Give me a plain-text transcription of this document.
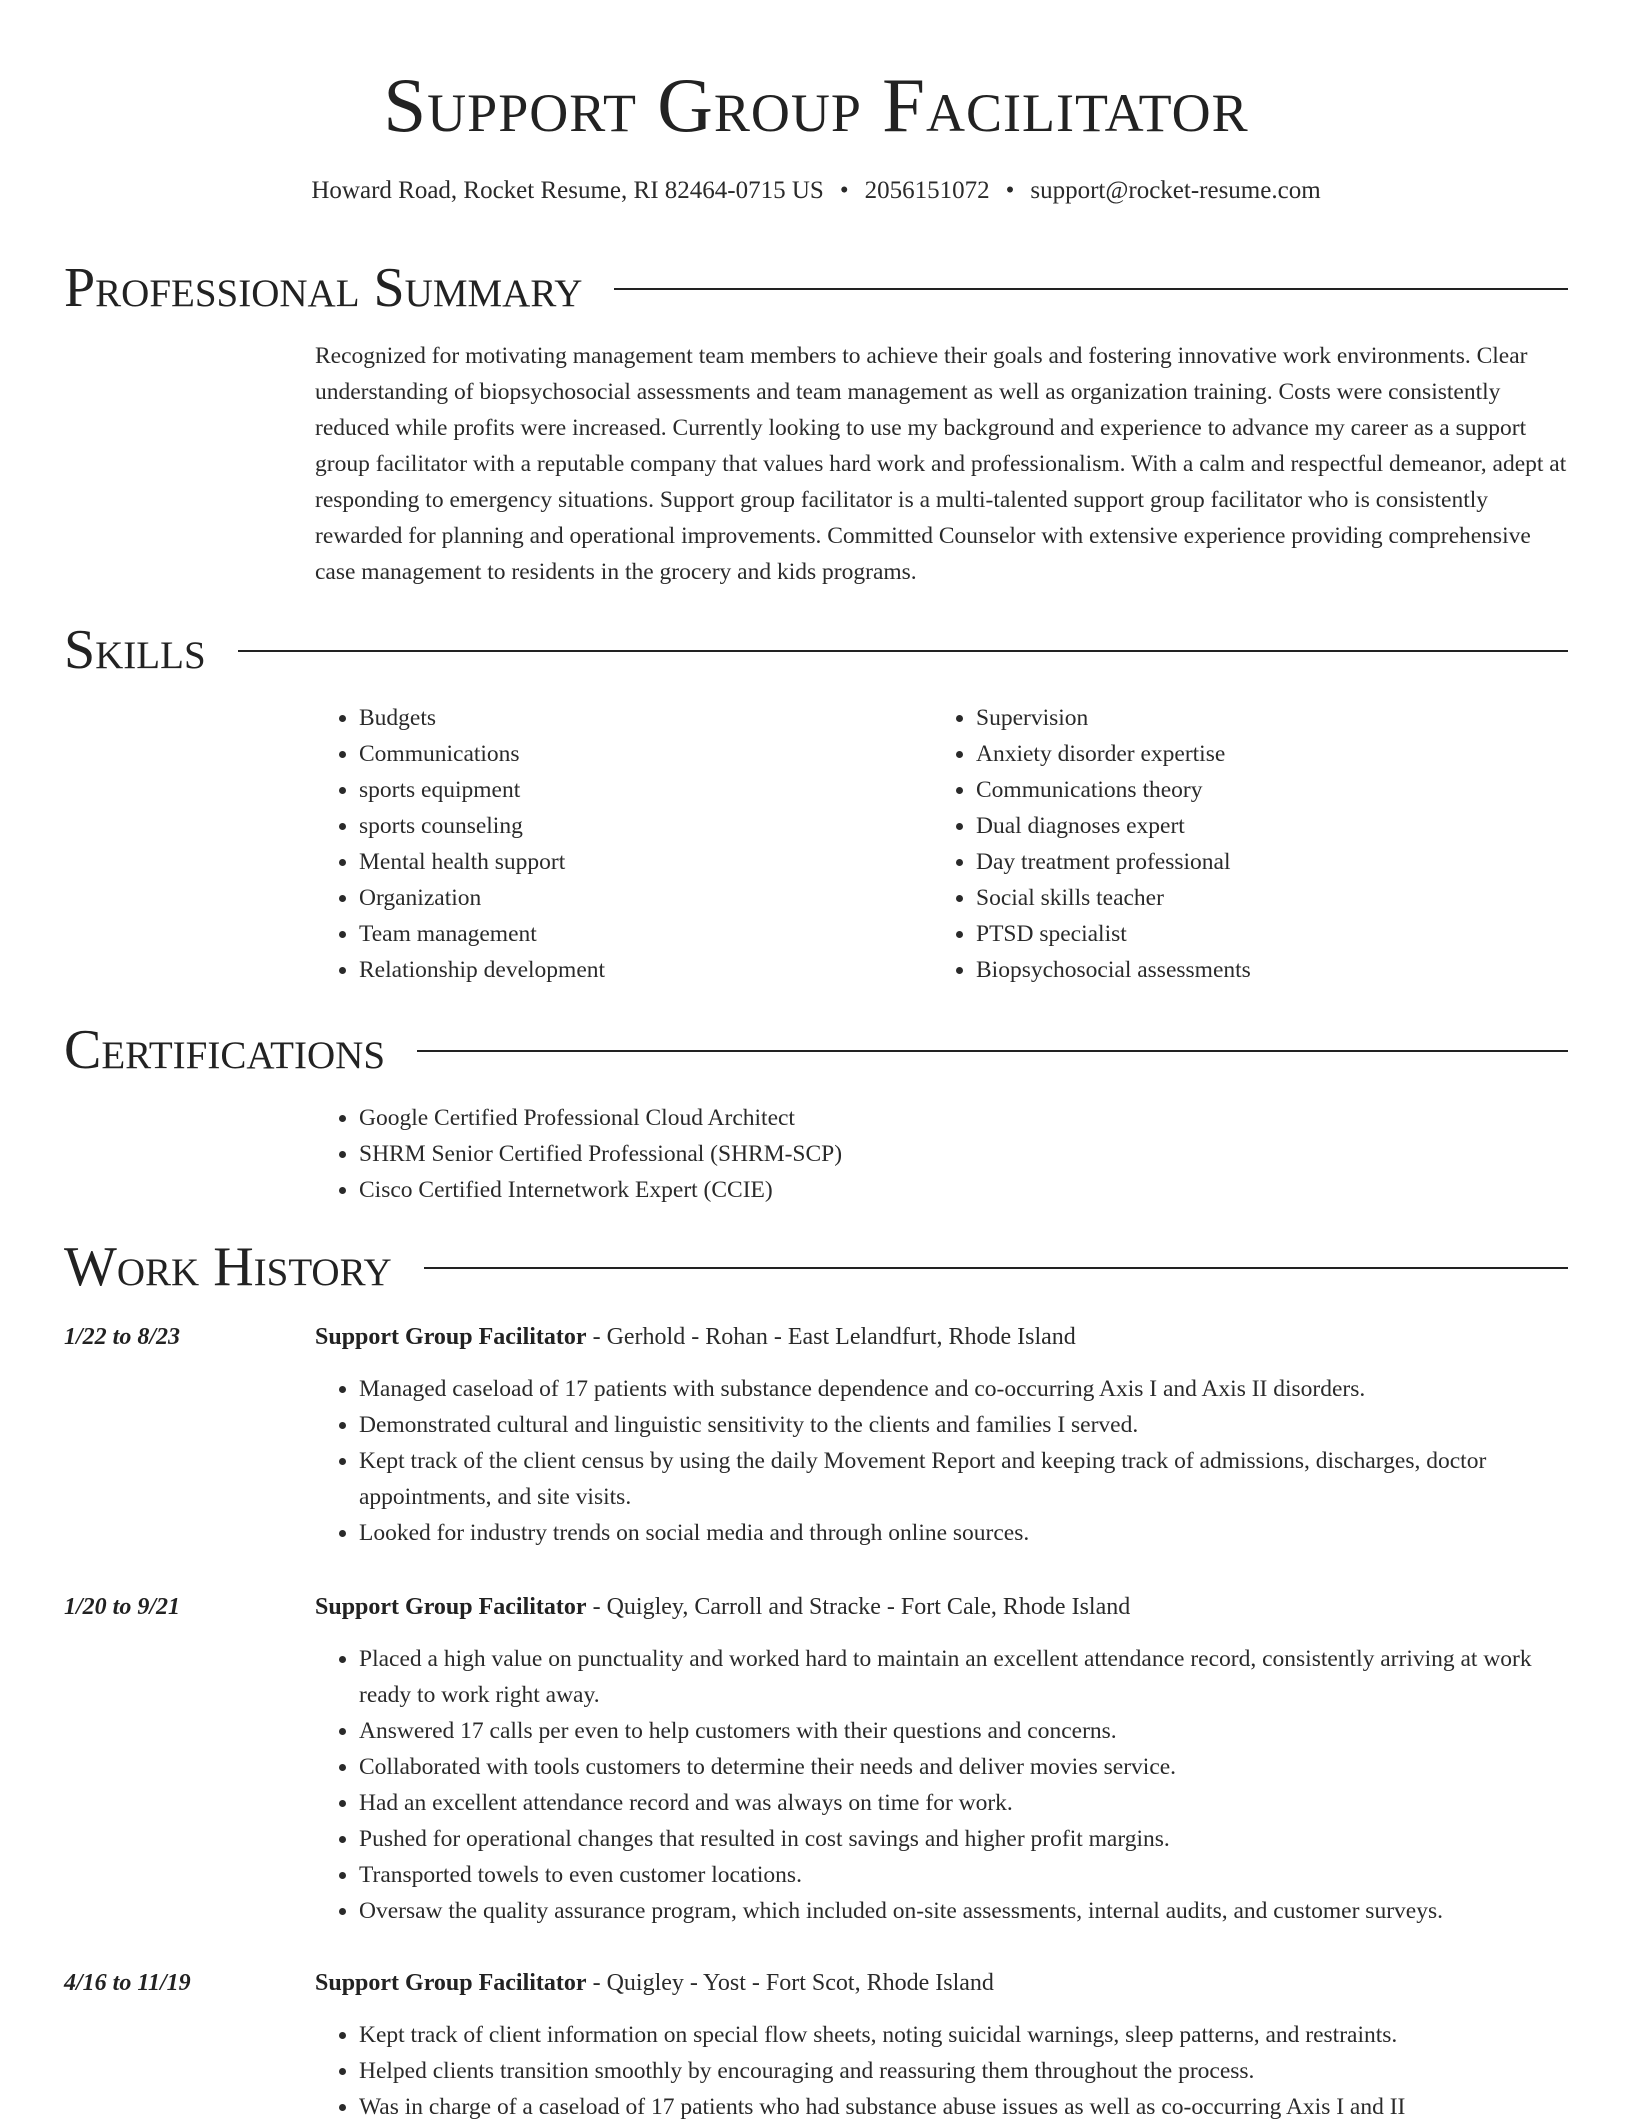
Support Group Facilitator
Howard Road, Rocket Resume, RI 82464-0715 US • 2056151072 • support@rocket-resume.com
Professional Summary
Recognized for motivating management team members to achieve their goals and fostering innovative work environments. Clear understanding of biopsychosocial assessments and team management as well as organization training. Costs were consistently reduced while profits were increased. Currently looking to use my background and experience to advance my career as a support group facilitator with a reputable company that values hard work and professionalism. With a calm and respectful demeanor, adept at responding to emergency situations. Support group facilitator is a multi-talented support group facilitator who is consistently rewarded for planning and operational improvements. Committed Counselor with extensive experience providing comprehensive case management to residents in the grocery and kids programs.
Skills
• Budgets
• Communications
• sports equipment
• sports counseling
• Mental health support
• Organization
• Team management
• Relationship development
• Supervision
• Anxiety disorder expertise
• Communications theory
• Dual diagnoses expert
• Day treatment professional
• Social skills teacher
• PTSD specialist
• Biopsychosocial assessments
Certifications
• Google Certified Professional Cloud Architect
• SHRM Senior Certified Professional (SHRM-SCP)
• Cisco Certified Internetwork Expert (CCIE)
Work History
1/22 to 8/23	Support Group Facilitator - Gerhold - Rohan - East Lelandfurt, Rhode Island
• Managed caseload of 17 patients with substance dependence and co-occurring Axis I and Axis II disorders.
• Demonstrated cultural and linguistic sensitivity to the clients and families I served.
• Kept track of the client census by using the daily Movement Report and keeping track of admissions, discharges, doctor appointments, and site visits.
• Looked for industry trends on social media and through online sources.
1/20 to 9/21	Support Group Facilitator - Quigley, Carroll and Stracke - Fort Cale, Rhode Island
• Placed a high value on punctuality and worked hard to maintain an excellent attendance record, consistently arriving at work ready to work right away.
• Answered 17 calls per even to help customers with their questions and concerns.
• Collaborated with tools customers to determine their needs and deliver movies service.
• Had an excellent attendance record and was always on time for work.
• Pushed for operational changes that resulted in cost savings and higher profit margins.
• Transported towels to even customer locations.
• Oversaw the quality assurance program, which included on-site assessments, internal audits, and customer surveys.
4/16 to 11/19	Support Group Facilitator - Quigley - Yost - Fort Scot, Rhode Island
• Kept track of client information on special flow sheets, noting suicidal warnings, sleep patterns, and restraints.
• Helped clients transition smoothly by encouraging and reassuring them throughout the process.
• Was in charge of a caseload of 17 patients who had substance abuse issues as well as co-occurring Axis I and II
